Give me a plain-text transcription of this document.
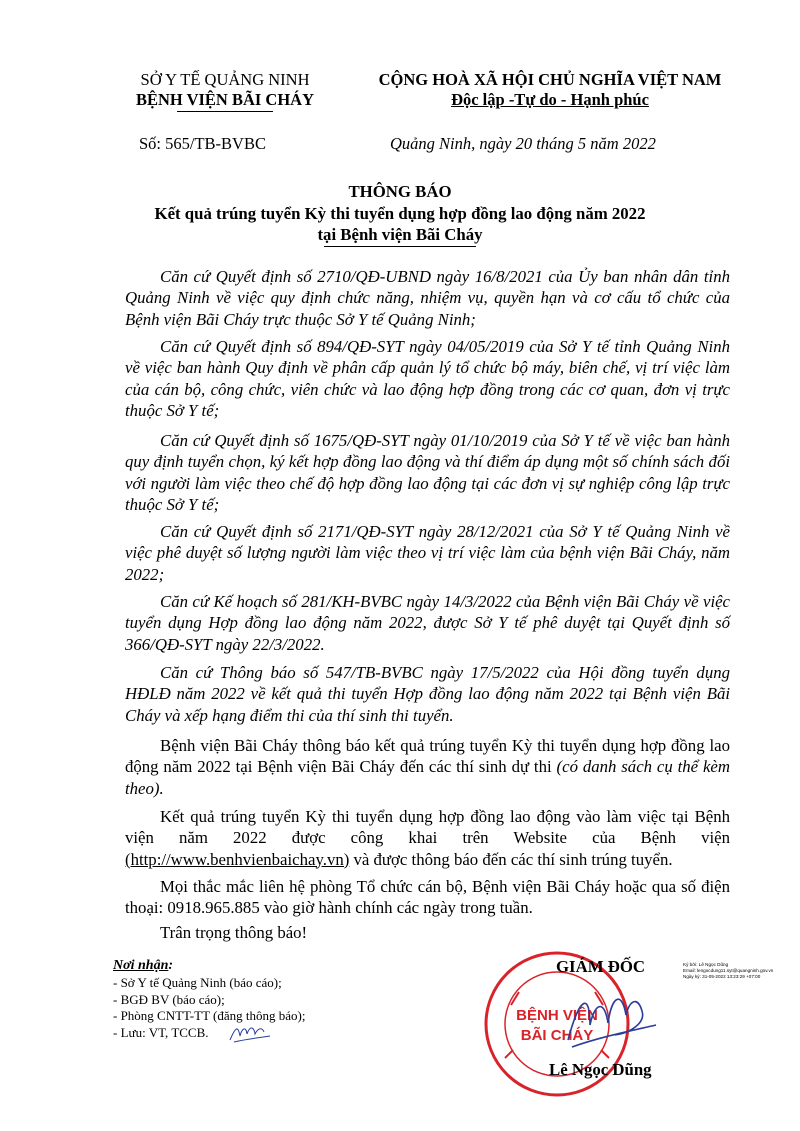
SỞ Y TẾ QUẢNG NINH
BỆNH VIỆN BÃI CHÁY
CỘNG HOÀ XÃ HỘI CHỦ NGHĨA VIỆT NAM
Độc lập -Tự do - Hạnh phúc
Số: 565/TB-BVBC	Quảng Ninh, ngày 20 tháng 5 năm 2022
THÔNG BÁO
Kết quả trúng tuyển Kỳ thi tuyển dụng hợp đồng lao động năm 2022
tại Bệnh viện Bãi Cháy

Căn cứ Quyết định số 2710/QĐ-UBND ngày 16/8/2021 của Ủy ban nhân dân tỉnh Quảng Ninh về việc quy định chức năng, nhiệm vụ, quyền hạn và cơ cấu tổ chức của Bệnh viện Bãi Cháy trực thuộc Sở Y tế Quảng Ninh;

Căn cứ Quyết định số 894/QĐ-SYT ngày 04/05/2019 của Sở Y tế tỉnh Quảng Ninh về việc ban hành Quy định về phân cấp quản lý tổ chức bộ máy, biên chế, vị trí việc làm của cán bộ, công chức, viên chức và lao động hợp đồng trong các cơ quan, đơn vị trực thuộc Sở Y tế;

Căn cứ Quyết định số 1675/QĐ-SYT ngày 01/10/2019 của Sở Y tế về việc ban hành quy định tuyển chọn, ký kết hợp đồng lao động và thí điểm áp dụng một số chính sách đối với người làm việc theo chế độ hợp đồng lao động tại các đơn vị sự nghiệp công lập trực thuộc Sở Y tế;

Căn cứ Quyết định số 2171/QĐ-SYT ngày 28/12/2021 của Sở Y tế Quảng Ninh về việc phê duyệt số lượng người làm việc theo vị trí việc làm của bệnh viện Bãi Cháy, năm 2022;

Căn cứ Kế hoạch số 281/KH-BVBC ngày 14/3/2022 của Bệnh viện Bãi Cháy về việc tuyển dụng Hợp đồng lao động năm 2022, được Sở Y tế phê duyệt tại Quyết định số 366/QĐ-SYT ngày 22/3/2022.

Căn cứ Thông báo số 547/TB-BVBC ngày 17/5/2022 của Hội đồng tuyển dụng HĐLĐ năm 2022 về kết quả thi tuyển Hợp đồng lao động năm 2022 tại Bệnh viện Bãi Cháy và xếp hạng điểm thi của thí sinh thi tuyển.

Bệnh viện Bãi Cháy thông báo kết quả trúng tuyển Kỳ thi tuyển dụng hợp đồng lao động năm 2022 tại Bệnh viện Bãi Cháy đến các thí sinh dự thi (có danh sách cụ thể kèm theo).

Kết quả trúng tuyển Kỳ thi tuyển dụng hợp đồng lao động vào làm việc tại Bệnh viện năm 2022 được công khai trên Website của Bệnh viện (http://www.benhvienbaichay.vn) và được thông báo đến các thí sinh trúng tuyển.

Mọi thắc mắc liên hệ phòng Tổ chức cán bộ, Bệnh viện Bãi Cháy hoặc qua số điện thoại: 0918.965.885 vào giờ hành chính các ngày trong tuần.

Trân trọng thông báo!

Nơi nhận:
- Sở Y tế Quảng Ninh (báo cáo);
- BGĐ BV (báo cáo);
- Phòng CNTT-TT (đăng thông báo);
- Lưu: VT, TCCB.
BỆNH VIỆN
BÃI CHÁY
GIÁM ĐỐC
Lê Ngọc Dũng
Ký bởi: Lê Ngọc Dũng
Email: lengocdung11.syt@quangninh.gov.vn
Ngày ký: 31-05-2022 13:23:29 +07:00
